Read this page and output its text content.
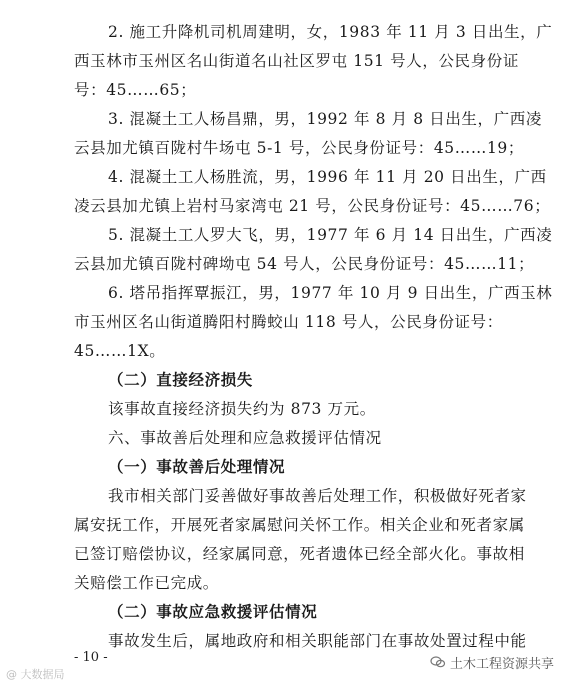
2. 施工升降机司机周建明，女，1983 年 11 月 3 日出生，广
西玉林市玉州区名山街道名山社区罗屯 151 号人，公民身份证
号：45……65；
3. 混凝土工人杨昌鼎，男，1992 年 8 月 8 日出生，广西凌
云县加尤镇百陇村牛场屯 5-1 号，公民身份证号：45……19；
4. 混凝土工人杨胜流，男，1996 年 11 月 20 日出生，广西
凌云县加尤镇上岩村马家湾屯 21 号，公民身份证号：45……76；
5. 混凝土工人罗大飞，男，1977 年 6 月 14 日出生，广西凌
云县加尤镇百陇村碑坳屯 54 号人，公民身份证号：45……11；
6. 塔吊指挥覃振江，男，1977 年 10 月 9 日出生，广西玉林
市玉州区名山街道腾阳村腾蛟山 118 号人，公民身份证号：
45……1X。
（二）直接经济损失
该事故直接经济损失约为 873 万元。
六、事故善后处理和应急救援评估情况
（一）事故善后处理情况
我市相关部门妥善做好事故善后处理工作，积极做好死者家
属安抚工作，开展死者家属慰问关怀工作。相关企业和死者家属
已签订赔偿协议，经家属同意，死者遗体已经全部火化。事故相
关赔偿工作已完成。
（二）事故应急救援评估情况
事故发生后，属地政府和相关职能部门在事故处置过程中能
- 10 -
@ 大数据局
土木工程资源共享
